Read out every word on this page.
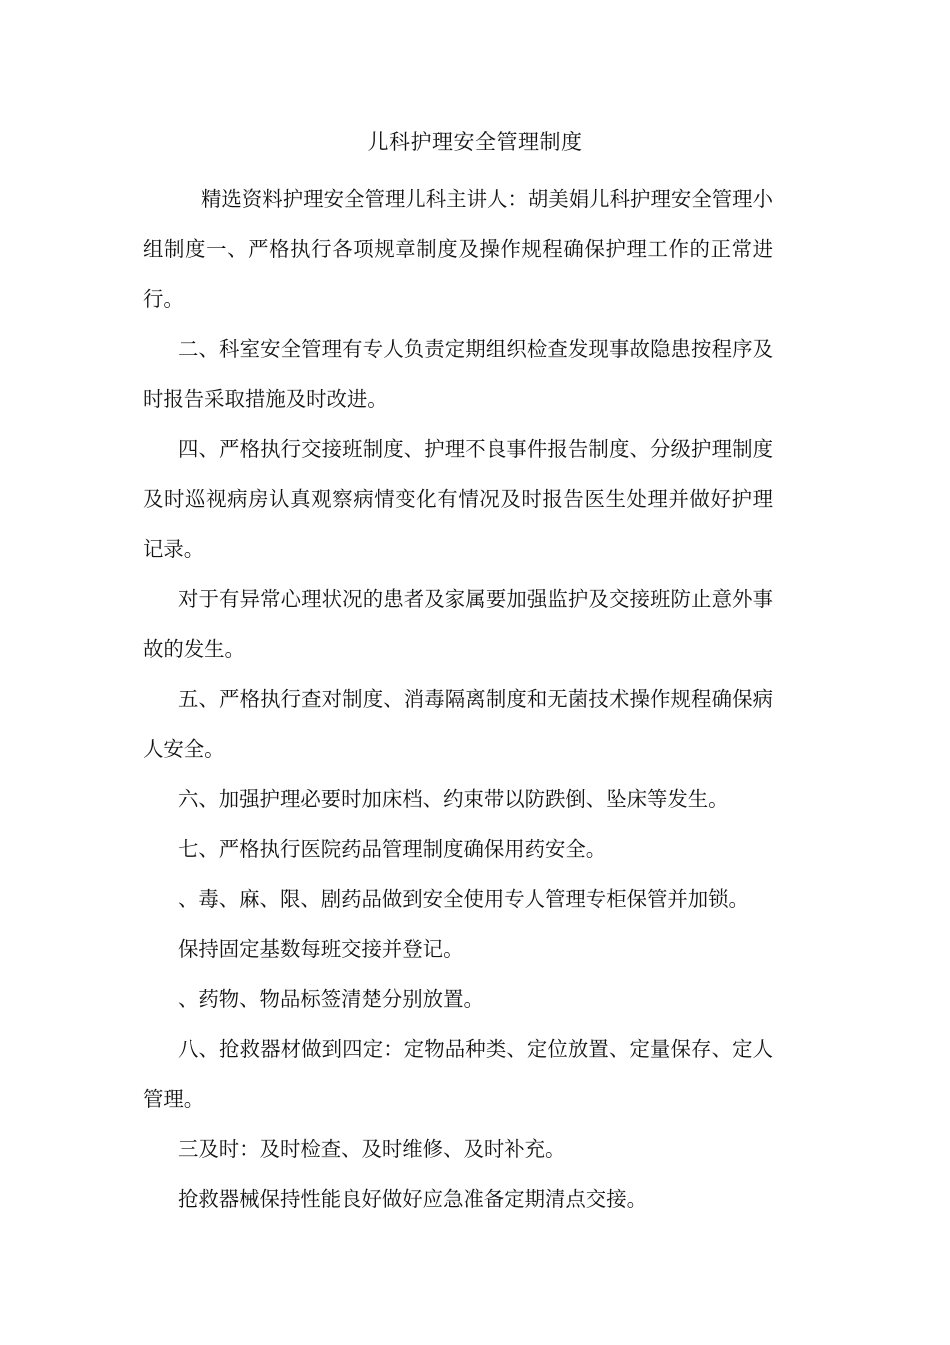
儿科护理安全管理制度

精选资料护理安全管理儿科主讲人：胡美娟儿科护理安全管理小组制度一、严格执行各项规章制度及操作规程确保护理工作的正常进行。

二、科室安全管理有专人负责定期组织检查发现事故隐患按程序及时报告采取措施及时改进。

四、严格执行交接班制度、护理不良事件报告制度、分级护理制度及时巡视病房认真观察病情变化有情况及时报告医生处理并做好护理记录。

对于有异常心理状况的患者及家属要加强监护及交接班防止意外事故的发生。

五、严格执行查对制度、消毒隔离制度和无菌技术操作规程确保病人安全。

六、加强护理必要时加床档、约束带以防跌倒、坠床等发生。

七、严格执行医院药品管理制度确保用药安全。

、毒、麻、限、剧药品做到安全使用专人管理专柜保管并加锁。

保持固定基数每班交接并登记。

、药物、物品标签清楚分别放置。

八、抢救器材做到四定：定物品种类、定位放置、定量保存、定人管理。

三及时：及时检查、及时维修、及时补充。

抢救器械保持性能良好做好应急准备定期清点交接。
